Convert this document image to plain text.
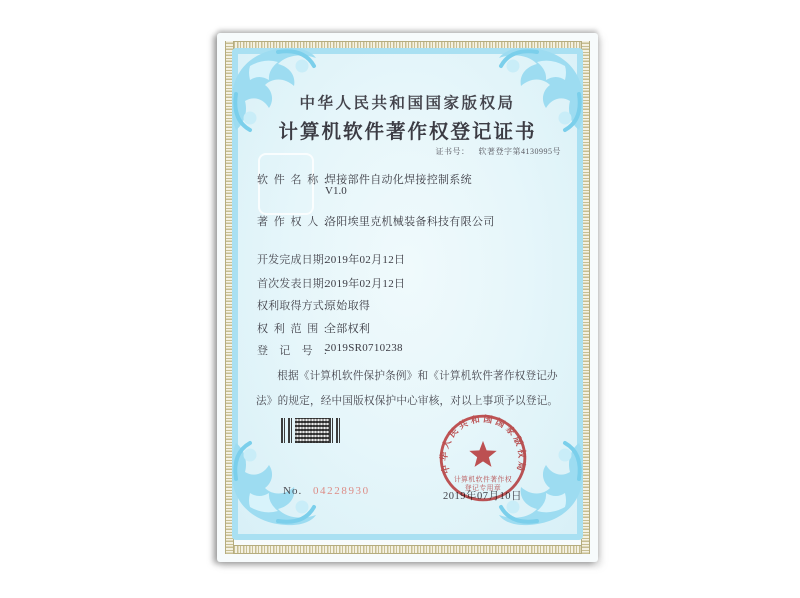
中华人民共和国国家版权局
计算机软件著作权登记证书
证书号： 软著登字第4130995号
软件名称:
焊接部件自动化焊接控制系统
V1.0
著作权人:
洛阳埃里克机械装备科技有限公司
开发完成日期:
2019年02月12日
首次发表日期:
2019年02月12日
权利取得方式:
原始取得
权利范围:
全部权利
登记号:
2019SR0710238

根据《计算机软件保护条例》和《计算机软件著作权登记办法》的规定，经中国版权保护中心审核，对以上事项予以登记。

中华人民共和国国家版权局
计算机软件著作权
登记专用章
No. 04228930	2019年07月10日
